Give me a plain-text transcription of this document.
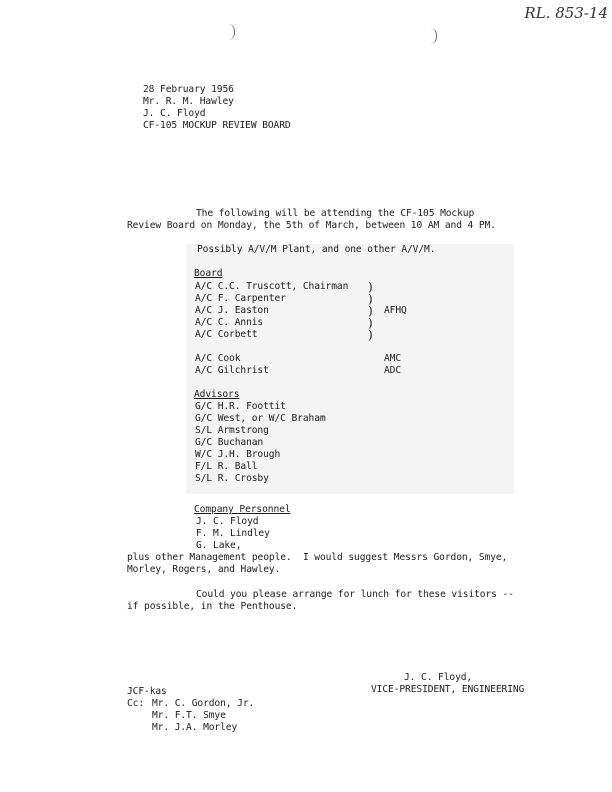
RL. 853-14
28 February 1956
Mr. R. M. Hawley
J. C. Floyd
CF-105 MOCKUP REVIEW BOARD
The following will be attending the CF-105 Mockup
Review Board on Monday, the 5th of March, between 10 AM and 4 PM.
Possibly A/V/M Plant, and one other A/V/M.
Board
A/C C.C. Truscott, Chairman
A/C F. Carpenter
A/C J. Easton
A/C C. Annis
A/C Corbett
)
)
)
)
)
AFHQ
A/C Cook	AMC
A/C Gilchrist	ADC
Advisors
G/C H.R. Foottit
G/C West, or W/C Braham
S/L Armstrong
G/C Buchanan
W/C J.H. Brough
F/L R. Ball
S/L R. Crosby
Company Personnel
J. C. Floyd
F. M. Lindley
G. Lake,
plus other Management people.  I would suggest Messrs Gordon, Smye,
Morley, Rogers, and Hawley.
Could you please arrange for lunch for these visitors --
if possible, in the Penthouse.
J. C. Floyd,
VICE-PRESIDENT, ENGINEERING
JCF-kas
Cc: Mr. C. Gordon, Jr.
Mr. F.T. Smye
Mr. J.A. Morley
